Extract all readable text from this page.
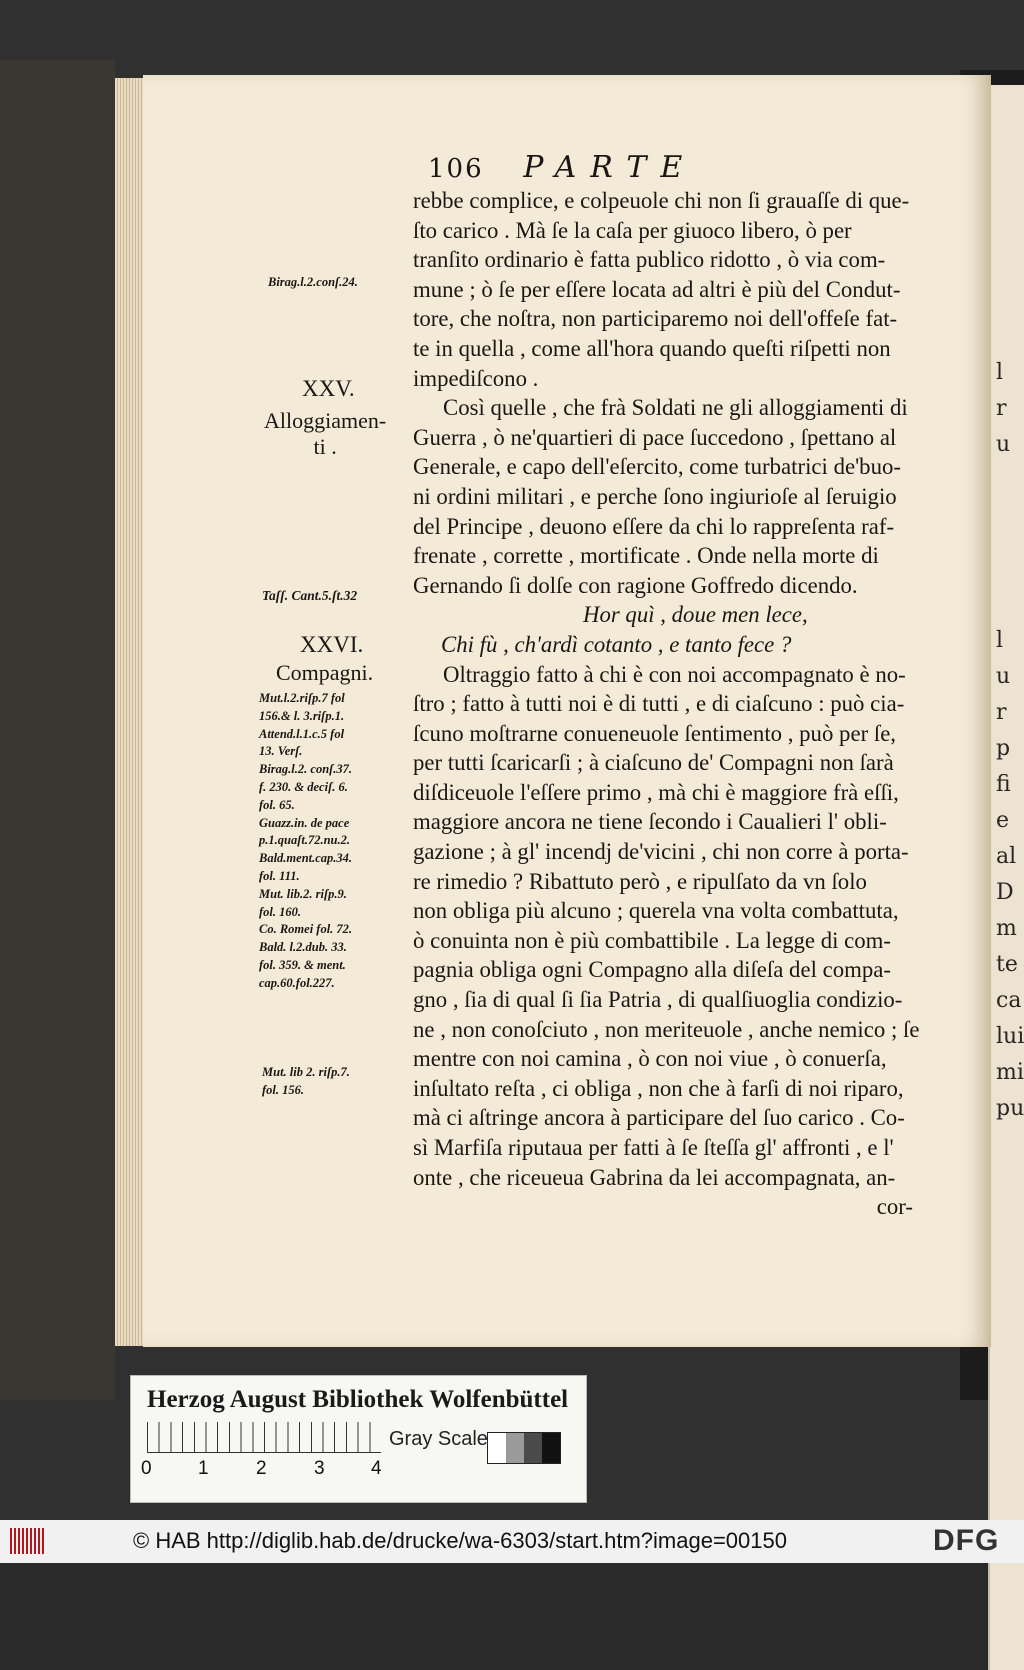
l
r
u
l
u
r
p
fi
e
al
D
m
te
ca
lui
mi
pu
106 PARTE
rebbe complice, e colpeuole chi non ſi grauaſſe di que-
ſto carico . Mà ſe la caſa per giuoco libero, ò per
tranſito ordinario è fatta publico ridotto , ò via com-
mune ; ò ſe per eſſere locata ad altri è più del Condut-
tore, che noſtra, non participaremo noi dell'offeſe fat-
te in quella , come all'hora quando queſti riſpetti non
impediſcono .
Così quelle , che frà Soldati ne gli alloggiamenti di
Guerra , ò ne'quartieri di pace ſuccedono , ſpettano al
Generale, e capo dell'eſercito, come turbatrici de'buo-
ni ordini militari , e perche ſono ingiurioſe al ſeruigio
del Principe , deuono eſſere da chi lo rappreſenta raf-
frenate , corrette , mortificate . Onde nella morte di
Gernando ſi dolſe con ragione Goffredo dicendo.
Hor quì , doue men lece,
Chi fù , ch'ardì cotanto , e tanto fece ?
Oltraggio fatto à chi è con noi accompagnato è no-
ſtro ; fatto à tutti noi è di tutti , e di ciaſcuno : può cia-
ſcuno moſtrarne conueneuole ſentimento , può per ſe,
per tutti ſcaricarſi ; à ciaſcuno de' Compagni non ſarà
diſdiceuole l'eſſere primo , mà chi è maggiore frà eſſi,
maggiore ancora ne tiene ſecondo i Caualieri l' obli-
gazione ; à gl' incendj de'vicini , chi non corre à porta-
re rimedio ? Ribattuto però , e ripulſato da vn ſolo
non obliga più alcuno ; querela vna volta combattuta,
ò conuinta non è più combattibile . La legge di com-
pagnia obliga ogni Compagno alla diſeſa del compa-
gno , ſia di qual ſi ſia Patria , di qualſiuoglia condizio-
ne , non conoſciuto , non meriteuole , anche nemico ; ſe
mentre con noi camina , ò con noi viue , ò conuerſa,
inſultato reſta , ci obliga , non che à farſi di noi riparo,
mà ci aſtringe ancora à participare del ſuo carico . Co-
sì Marfiſa riputaua per fatti à ſe ſteſſa gl' affronti , e l'
onte , che riceueua Gabrina da lei accompagnata, an-
cor-
Birag.l.2.conſ.24.
XXV.
Alloggiamen-
ti .
Taſſ. Cant.5.ſt.32
XXVI.
Compagni.
Mut.l.2.riſp.7 fol
156.& l. 3.riſp.1.
Attend.l.1.c.5 fol
13. Verſ.
Birag.l.2. conſ.37.
f. 230. & deciſ. 6.
fol. 65.
Guazz.in. de pace
p.1.quaſt.72.nu.2.
Bald.ment.cap.34.
fol. 111.
Mut. lib.2. riſp.9.
fol. 160.
Co. Romei fol. 72.
Bald. l.2.dub. 33.
fol. 359. & ment.
cap.60.fol.227.
Mut. lib 2. riſp.7.
fol. 156.
Herzog August Bibliothek Wolfenbüttel
0 1 2 3 4
Gray Scale
© HAB http://diglib.hab.de/drucke/wa-6303/start.htm?image=00150	DFG
